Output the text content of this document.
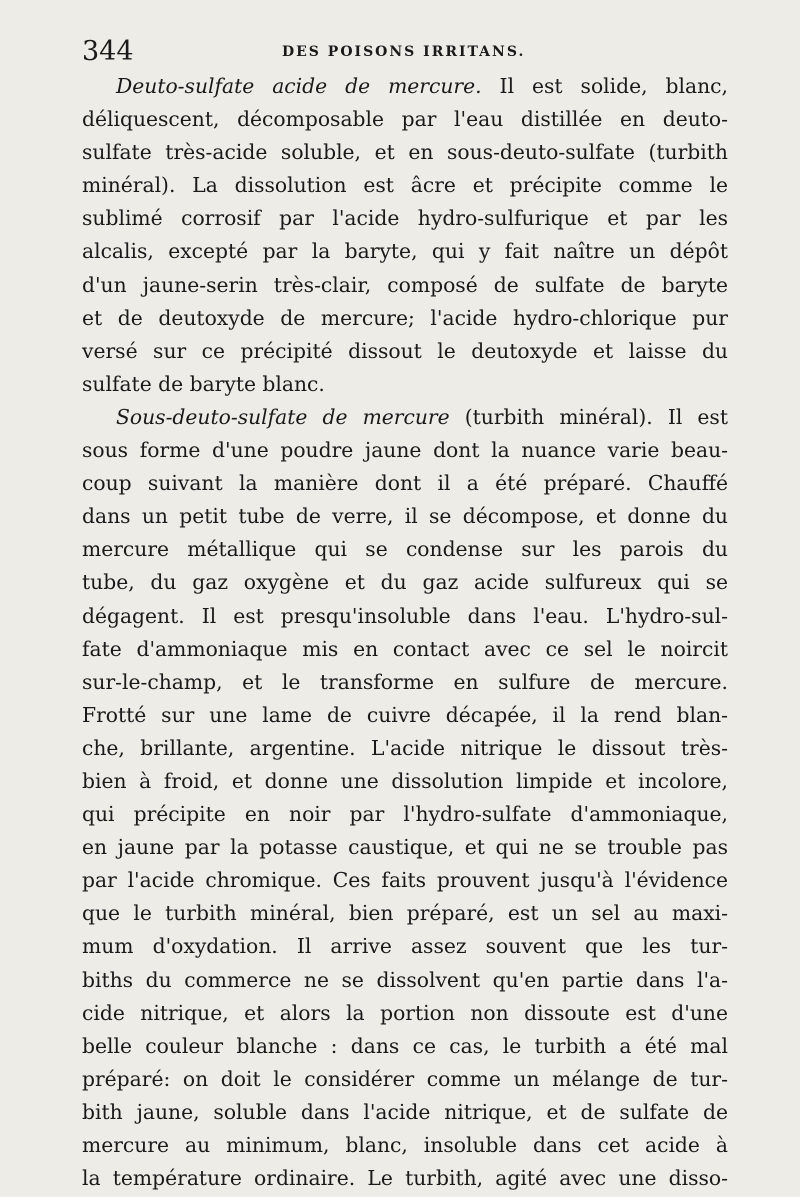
344	DES POISONS IRRITANS.
Deuto-sulfate acide de mercure. Il est solide, blanc,
déliquescent, décomposable par l'eau distillée en deuto-
sulfate très-acide soluble, et en sous-deuto-sulfate (turbith
minéral). La dissolution est âcre et précipite comme le
sublimé corrosif par l'acide hydro-sulfurique et par les
alcalis, excepté par la baryte, qui y fait naître un dépôt
d'un jaune-serin très-clair, composé de sulfate de baryte
et de deutoxyde de mercure; l'acide hydro-chlorique pur
versé sur ce précipité dissout le deutoxyde et laisse du
sulfate de baryte blanc.
Sous-deuto-sulfate de mercure (turbith minéral). Il est
sous forme d'une poudre jaune dont la nuance varie beau-
coup suivant la manière dont il a été préparé. Chauffé
dans un petit tube de verre, il se décompose, et donne du
mercure métallique qui se condense sur les parois du
tube, du gaz oxygène et du gaz acide sulfureux qui se
dégagent. Il est presqu'insoluble dans l'eau. L'hydro-sul-
fate d'ammoniaque mis en contact avec ce sel le noircit
sur-le-champ, et le transforme en sulfure de mercure.
Frotté sur une lame de cuivre décapée, il la rend blan-
che, brillante, argentine. L'acide nitrique le dissout très-
bien à froid, et donne une dissolution limpide et incolore,
qui précipite en noir par l'hydro-sulfate d'ammoniaque,
en jaune par la potasse caustique, et qui ne se trouble pas
par l'acide chromique. Ces faits prouvent jusqu'à l'évidence
que le turbith minéral, bien préparé, est un sel au maxi-
mum d'oxydation. Il arrive assez souvent que les tur-
biths du commerce ne se dissolvent qu'en partie dans l'a-
cide nitrique, et alors la portion non dissoute est d'une
belle couleur blanche : dans ce cas, le turbith a été mal
préparé: on doit le considérer comme un mélange de tur-
bith jaune, soluble dans l'acide nitrique, et de sulfate de
mercure au minimum, blanc, insoluble dans cet acide à
la température ordinaire. Le turbith, agité avec une disso-
